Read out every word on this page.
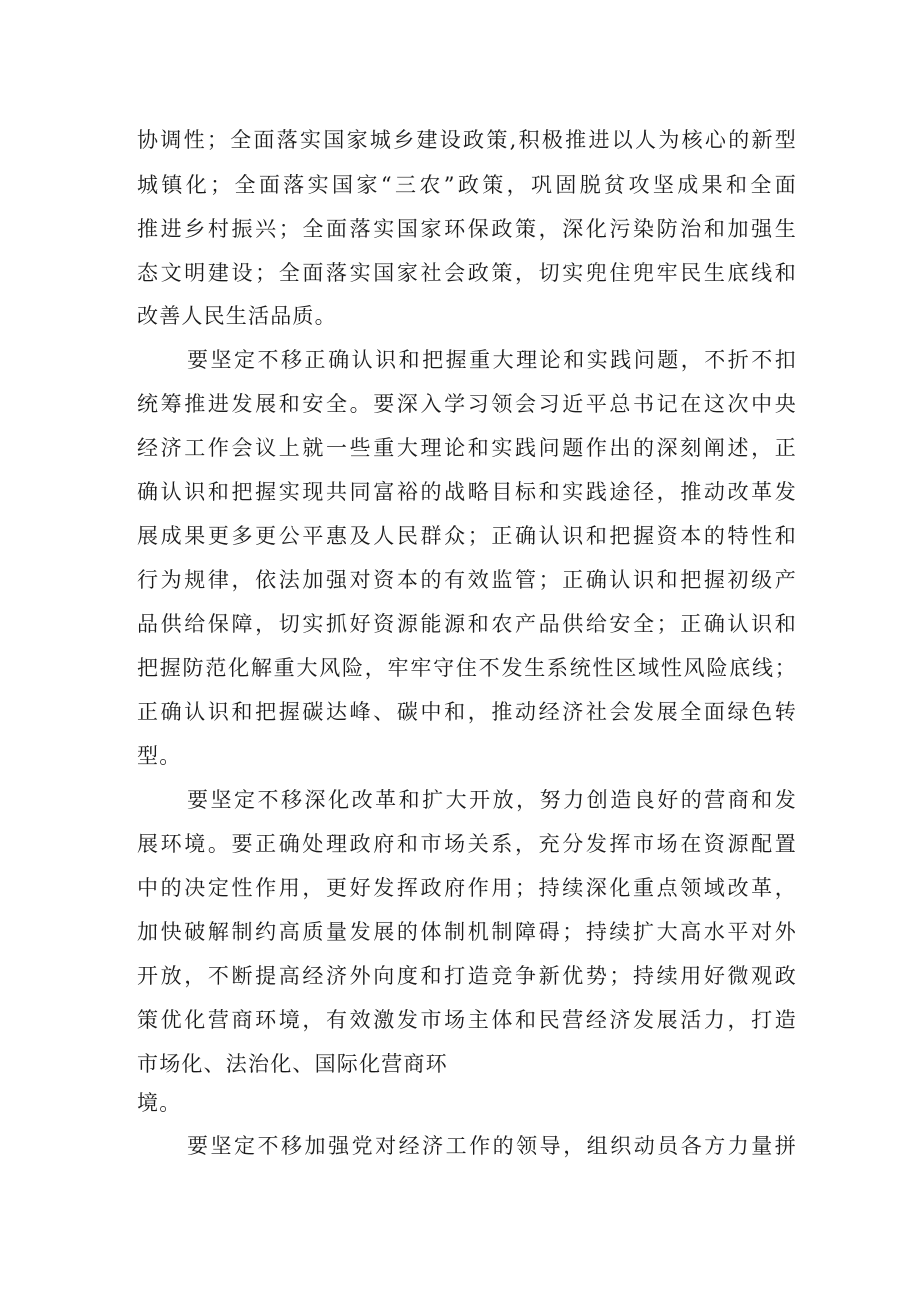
协调性；全面落实国家城乡建设政策,积极推进以人为核心的新型

城镇化；全面落实国家“三农”政策，巩固脱贫攻坚成果和全面

推进乡村振兴；全面落实国家环保政策，深化污染防治和加强生

态文明建设；全面落实国家社会政策，切实兜住兜牢民生底线和

改善人民生活品质。

要坚定不移正确认识和把握重大理论和实践问题，不折不扣

统筹推进发展和安全。要深入学习领会习近平总书记在这次中央

经济工作会议上就一些重大理论和实践问题作出的深刻阐述，正

确认识和把握实现共同富裕的战略目标和实践途径，推动改革发

展成果更多更公平惠及人民群众；正确认识和把握资本的特性和

行为规律，依法加强对资本的有效监管；正确认识和把握初级产

品供给保障，切实抓好资源能源和农产品供给安全；正确认识和

把握防范化解重大风险，牢牢守住不发生系统性区域性风险底线；

正确认识和把握碳达峰、碳中和，推动经济社会发展全面绿色转

型。

要坚定不移深化改革和扩大开放，努力创造良好的营商和发

展环境。要正确处理政府和市场关系，充分发挥市场在资源配置

中的决定性作用，更好发挥政府作用；持续深化重点领域改革，

加快破解制约高质量发展的体制机制障碍；持续扩大高水平对外

开放，不断提高经济外向度和打造竞争新优势；持续用好微观政

策优化营商环境，有效激发市场主体和民营经济发展活力，打造

市场化、法治化、国际化营商环

境。

要坚定不移加强党对经济工作的领导，组织动员各方力量拼
